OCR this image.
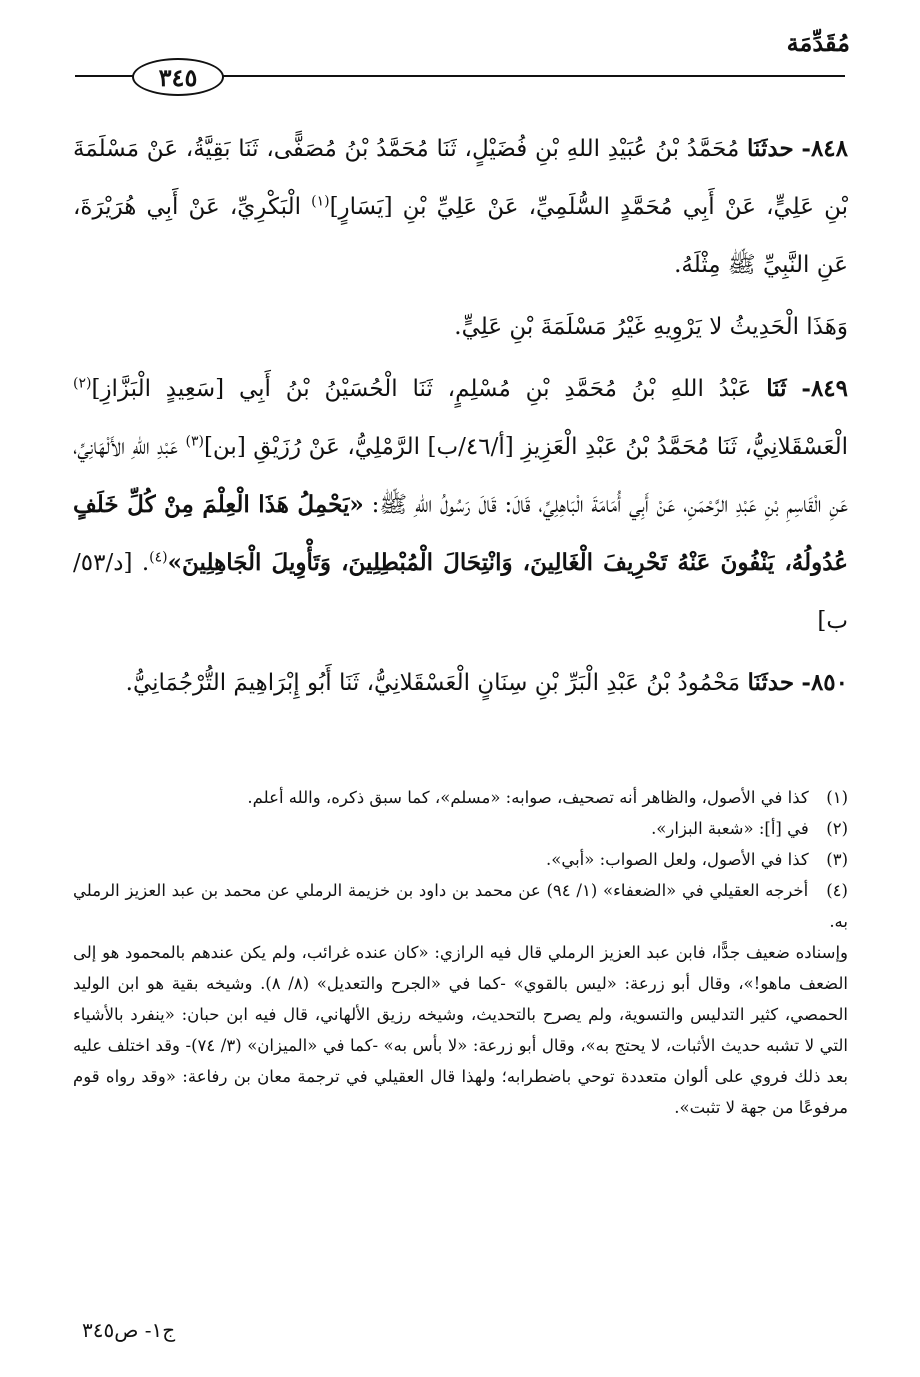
مُقَدِّمَة
٣٤٥

٨٤٨- حدثَنَا مُحَمَّدُ بْنُ عُبَيْدِ اللهِ بْنِ فُضَيْلٍ، ثَنَا مُحَمَّدُ بْنُ مُصَفًّى، ثَنَا بَقِيَّةُ، عَنْ مَسْلَمَةَ بْنِ عَلِيٍّ، عَنْ أَبِي مُحَمَّدٍ السُّلَمِيِّ، عَنْ عَلِيِّ بْنِ [يَسَارٍ]$^{(١)}$ الْبَكْرِيِّ، عَنْ أَبِي هُرَيْرَةَ، عَنِ النَّبِيِّ ﷺ مِثْلَهُ.

وَهَذَا الْحَدِيثُ لا يَرْوِيهِ غَيْرُ مَسْلَمَةَ بْنِ عَلِيٍّ.

٨٤٩- ثَنَا عَبْدُ اللهِ بْنُ مُحَمَّدِ بْنِ مُسْلِمٍ، ثَنَا الْحُسَيْنُ بْنُ أَبِي [سَعِيدٍ الْبَزَّازِ]$^{(٢)}$ الْعَسْقَلانِيُّ، ثَنَا مُحَمَّدُ بْنُ عَبْدِ الْعَزِيزِ [أ/٤٦/ب] الرَّمْلِيُّ، عَنْ رُزَيْقِ [بن]$^{(٣)}$ عَبْدِ اللهِ الأَلْهَانِيِّ، عَنِ الْقَاسِمِ بْنِ عَبْدِ الرَّحْمَنِ، عَنْ أَبِي أُمَامَةَ الْبَاهِلِيِّ، قَالَ: قَالَ رَسُولُ اللهِ ﷺ: «يَحْمِلُ هَذَا الْعِلْمَ مِنْ كُلِّ خَلَفٍ عُدُولُهُ، يَنْفُونَ عَنْهُ تَحْرِيفَ الْغَالِينَ، وَانْتِحَالَ الْمُبْطِلِينَ، وَتَأْوِيلَ الْجَاهِلِينَ»$^{(٤)}$. [د/٥٣/ب]

٨٥٠- حدثَنَا مَحْمُودُ بْنُ عَبْدِ الْبَرِّ بْنِ سِنَانٍ الْعَسْقَلانِيُّ، ثَنَا أَبُو إِبْرَاهِيمَ التُّرْجُمَانِيُّ.

(١) كذا في الأصول، والظاهر أنه تصحيف، صوابه: «مسلم»، كما سبق ذكره، والله أعلم.

(٢) في [أ]: «شعبة البزار».

(٣) كذا في الأصول، ولعل الصواب: «أبي».

(٤) أخرجه العقيلي في «الضعفاء» (١/ ٩٤) عن محمد بن داود بن خزيمة الرملي عن محمد بن عبد العزيز الرملي به.

وإسناده ضعيف جدًّا، فابن عبد العزيز الرملي قال فيه الرازي: «كان عنده غرائب، ولم يكن عندهم بالمحمود هو إلى الضعف ماهو!»، وقال أبو زرعة: «ليس بالقوي» -كما في «الجرح والتعديل» (٨/ ٨). وشيخه بقية هو ابن الوليد الحمصي، كثير التدليس والتسوية، ولم يصرح بالتحديث، وشيخه رزيق الألهاني، قال فيه ابن حبان: «ينفرد بالأشياء التي لا تشبه حديث الأثبات، لا يحتج به»، وقال أبو زرعة: «لا بأس به» -كما في «الميزان» (٣/ ٧٤)- وقد اختلف عليه بعد ذلك فروي على ألوان متعددة توحي باضطرابه؛ ولهذا قال العقيلي في ترجمة معان بن رفاعة: «وقد رواه قوم مرفوعًا من جهة لا تثبت».

ج١- ص٣٤٥
